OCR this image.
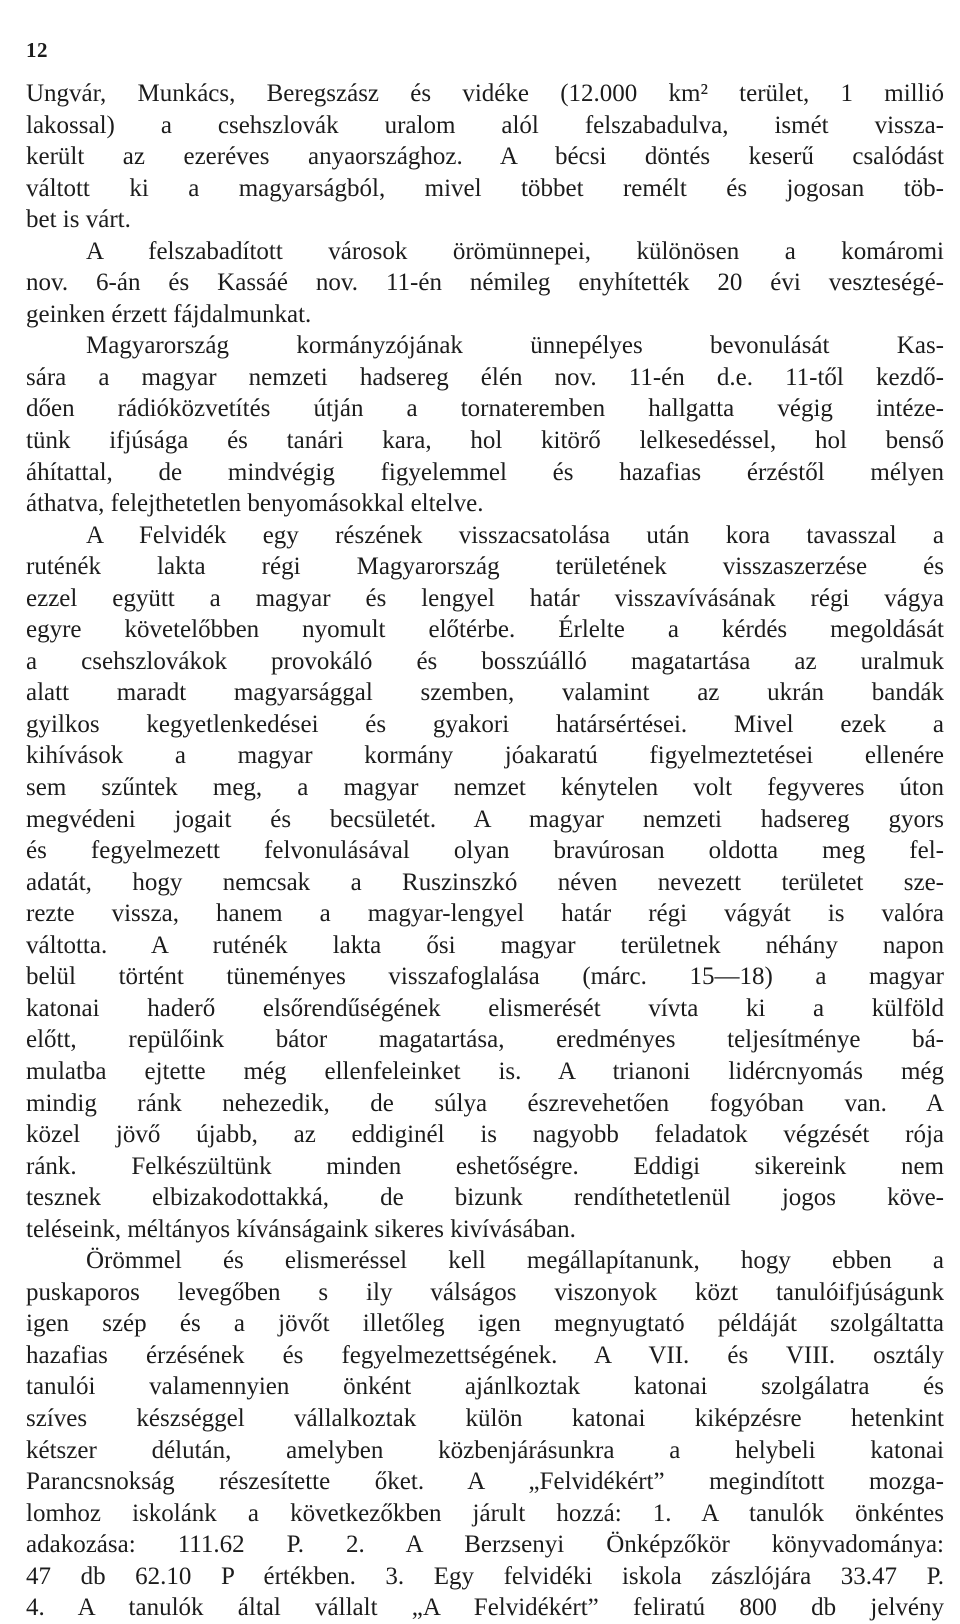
12
Ungvár, Munkács, Beregszász és vidéke (12.000 km² terület, 1 millió
lakossal) a csehszlovák uralom alól felszabadulva, ismét vissza-
került az ezeréves anyaországhoz. A bécsi döntés keserű csalódást
váltott ki a magyarságból, mivel többet remélt és jogosan töb-
bet is várt.
A felszabadított városok örömünnepei, különösen a komáromi
nov. 6-án és Kassáé nov. 11-én némileg enyhítették 20 évi veszteségé-
geinken érzett fájdalmunkat.
Magyarország kormányzójának ünnepélyes bevonulását Kas-
sára a magyar nemzeti hadsereg élén nov. 11-én d.e. 11-től kezdő-
dően rádióközvetítés útján a tornateremben hallgatta végig intéze-
tünk ifjúsága és tanári kara, hol kitörő lelkesedéssel, hol benső
áhítattal, de mindvégig figyelemmel és hazafias érzéstől mélyen
áthatva, felejthetetlen benyomásokkal eltelve.
A Felvidék egy részének visszacsatolása után kora tavasszal a
ruténék lakta régi Magyarország területének visszaszerzése és
ezzel együtt a magyar és lengyel határ visszavívásának régi vágya
egyre követelőbben nyomult előtérbe. Érlelte a kérdés megoldását
a csehszlovákok provokáló és bosszúálló magatartása az uralmuk
alatt maradt magyarsággal szemben, valamint az ukrán bandák
gyilkos kegyetlenkedései és gyakori határsértései. Mivel ezek a
kihívások a magyar kormány jóakaratú figyelmeztetései ellenére
sem szűntek meg, a magyar nemzet kénytelen volt fegyveres úton
megvédeni jogait és becsületét. A magyar nemzeti hadsereg gyors
és fegyelmezett felvonulásával olyan bravúrosan oldotta meg fel-
adatát, hogy nemcsak a Ruszinszkó néven nevezett területet sze-
rezte vissza, hanem a magyar-lengyel határ régi vágyát is valóra
váltotta. A ruténék lakta ősi magyar területnek néhány napon
belül történt tüneményes visszafoglalása (márc. 15—18) a magyar
katonai haderő elsőrendűségének elismerését vívta ki a külföld
előtt, repülőink bátor magatartása, eredményes teljesítménye bá-
mulatba ejtette még ellenfeleinket is. A trianoni lidércnyomás még
mindig ránk nehezedik, de súlya észrevehetően fogyóban van. A
közel jövő újabb, az eddiginél is nagyobb feladatok végzését rója
ránk. Felkészültünk minden eshetőségre. Eddigi sikereink nem
tesznek elbizakodottakká, de bizunk rendíthetetlenül jogos köve-
teléseink, méltányos kívánságaink sikeres kivívásában.
Örömmel és elismeréssel kell megállapítanunk, hogy ebben a
puskaporos levegőben s ily válságos viszonyok közt tanulóifjúságunk
igen szép és a jövőt illetőleg igen megnyugtató példáját szolgáltatta
hazafias érzésének és fegyelmezettségének. A VII. és VIII. osztály
tanulói valamennyien önként ajánlkoztak katonai szolgálatra és
szíves készséggel vállalkoztak külön katonai kiképzésre hetenkint
kétszer délután, amelyben közbenjárásunkra a helybeli katonai
Parancsnokság részesítette őket. A „Felvidékért” megindított mozga-
lomhoz iskolánk a következőkben járult hozzá: 1. A tanulók önkéntes
adakozása: 111.62 P. 2. A Berzsenyi Önképzőkör könyvadománya:
47 db 62.10 P értékben. 3. Egy felvidéki iskola zászlójára 33.47 P.
4. A tanulók által vállalt „A Felvidékért” feliratú 800 db jelvény
